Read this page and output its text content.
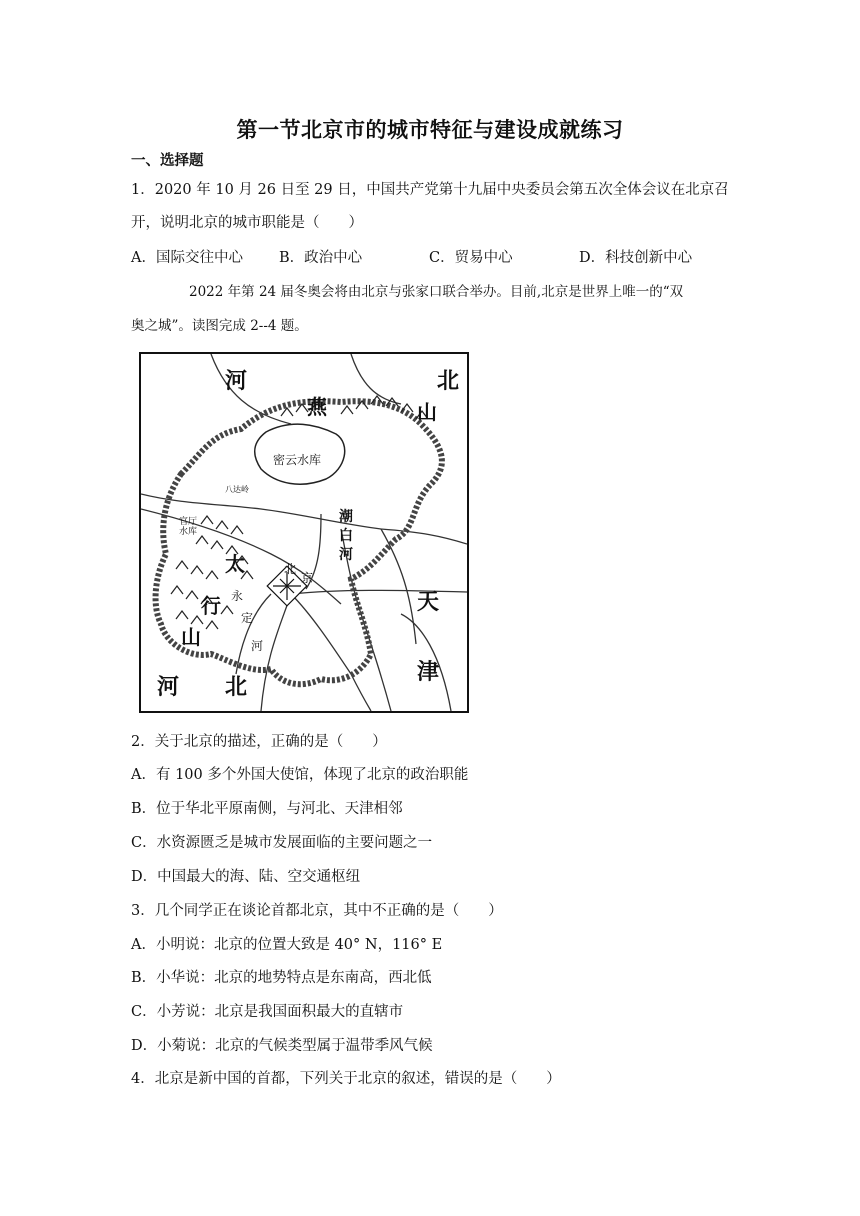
第一节北京市的城市特征与建设成就练习
一、选择题
1．2020 年 10 月 26 日至 29 日，中国共产党第十九届中央委员会第五次全体会议在北京召
开，说明北京的城市职能是（　　）
A．国际交往中心 B．政治中心	C．贸易中心	D．科技创新中心
2022 年第 24 届冬奥会将由北京与张家口联合举办。目前,北京是世界上唯一的“双
奥之城”。读图完成 2--4 题。
河	北
燕	山
密云水库
八达岭
官厅
水库
潮
白
河
太
行
山
北
京
永
定
河
天
津
河 北
2．关于北京的描述，正确的是（　　）
A．有 100 多个外国大使馆，体现了北京的政治职能
B．位于华北平原南侧，与河北、天津相邻
C．水资源匮乏是城市发展面临的主要问题之一
D．中国最大的海、陆、空交通枢纽
3．几个同学正在谈论首都北京，其中不正确的是（　　）
A．小明说：北京的位置大致是 40° N，116° E
B．小华说：北京的地势特点是东南高，西北低
C．小芳说：北京是我国面积最大的直辖市
D．小菊说：北京的气候类型属于温带季风气候
4．北京是新中国的首都，下列关于北京的叙述，错误的是（　　）
